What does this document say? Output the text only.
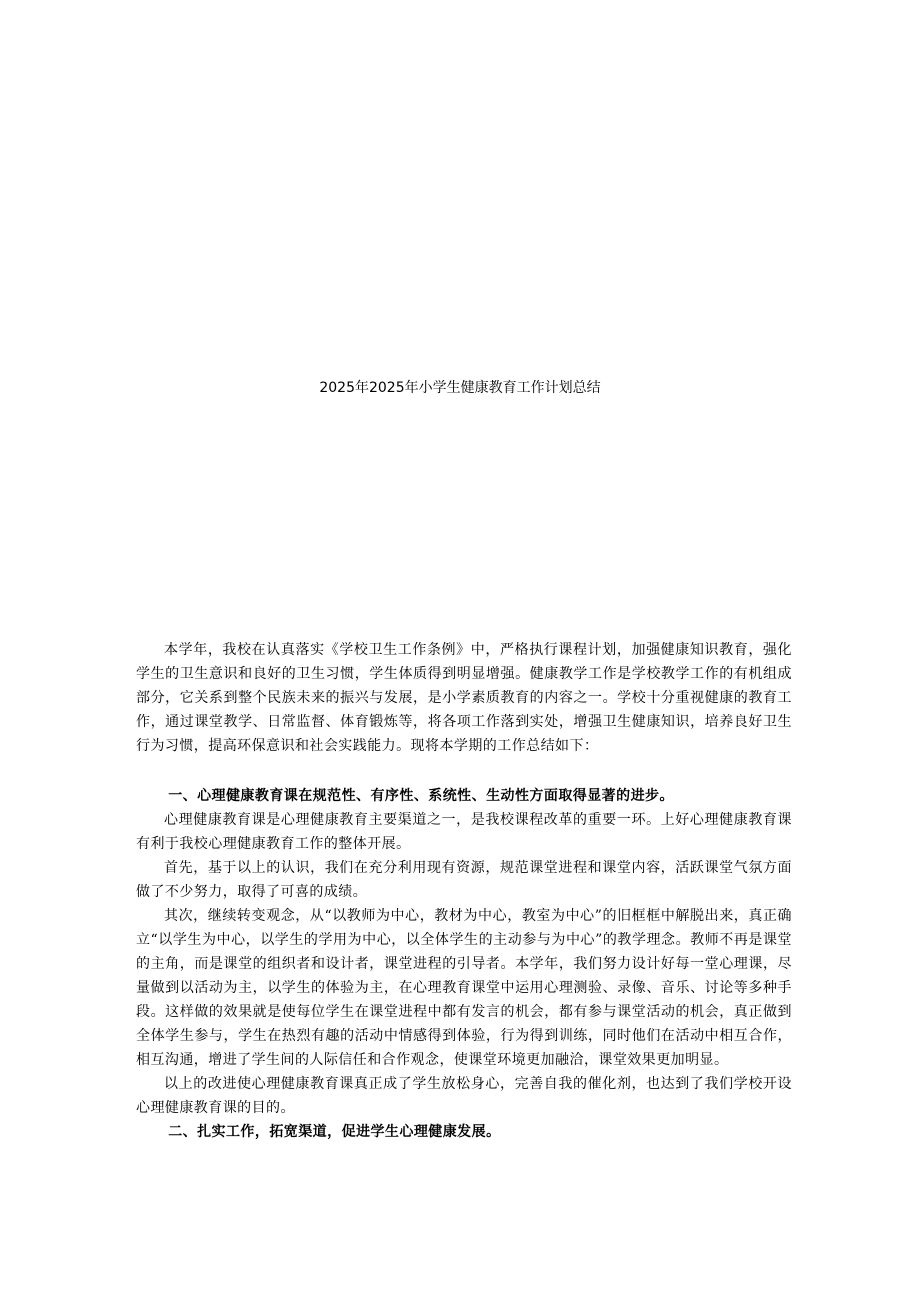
2025年2025年小学生健康教育工作计划总结

本学年，我校在认真落实《学校卫生工作条例》中，严格执行课程计划，加强健康知识教育，强化学生的卫生意识和良好的卫生习惯，学生体质得到明显增强。健康教学工作是学校教学工作的有机组成部分，它关系到整个民族未来的振兴与发展，是小学素质教育的内容之一。学校十分重视健康的教育工作，通过课堂教学、日常监督、体育锻炼等，将各项工作落到实处，增强卫生健康知识，培养良好卫生行为习惯，提高环保意识和社会实践能力。现将本学期的工作总结如下：

一、心理健康教育课在规范性、有序性、系统性、生动性方面取得显著的进步。

心理健康教育课是心理健康教育主要渠道之一，是我校课程改革的重要一环。上好心理健康教育课有利于我校心理健康教育工作的整体开展。

首先，基于以上的认识，我们在充分利用现有资源，规范课堂进程和课堂内容，活跃课堂气氛方面做了不少努力，取得了可喜的成绩。

其次，继续转变观念，从“以教师为中心，教材为中心，教室为中心”的旧框框中解脱出来，真正确立“以学生为中心，以学生的学用为中心，以全体学生的主动参与为中心”的教学理念。教师不再是课堂的主角，而是课堂的组织者和设计者，课堂进程的引导者。本学年，我们努力设计好每一堂心理课，尽量做到以活动为主，以学生的体验为主，在心理教育课堂中运用心理测验、录像、音乐、讨论等多种手段。这样做的效果就是使每位学生在课堂进程中都有发言的机会，都有参与课堂活动的机会，真正做到全体学生参与，学生在热烈有趣的活动中情感得到体验，行为得到训练，同时他们在活动中相互合作，相互沟通，增进了学生间的人际信任和合作观念，使课堂环境更加融洽，课堂效果更加明显。

以上的改进使心理健康教育课真正成了学生放松身心，完善自我的催化剂，也达到了我们学校开设心理健康教育课的目的。

二、扎实工作，拓宽渠道，促进学生心理健康发展。
